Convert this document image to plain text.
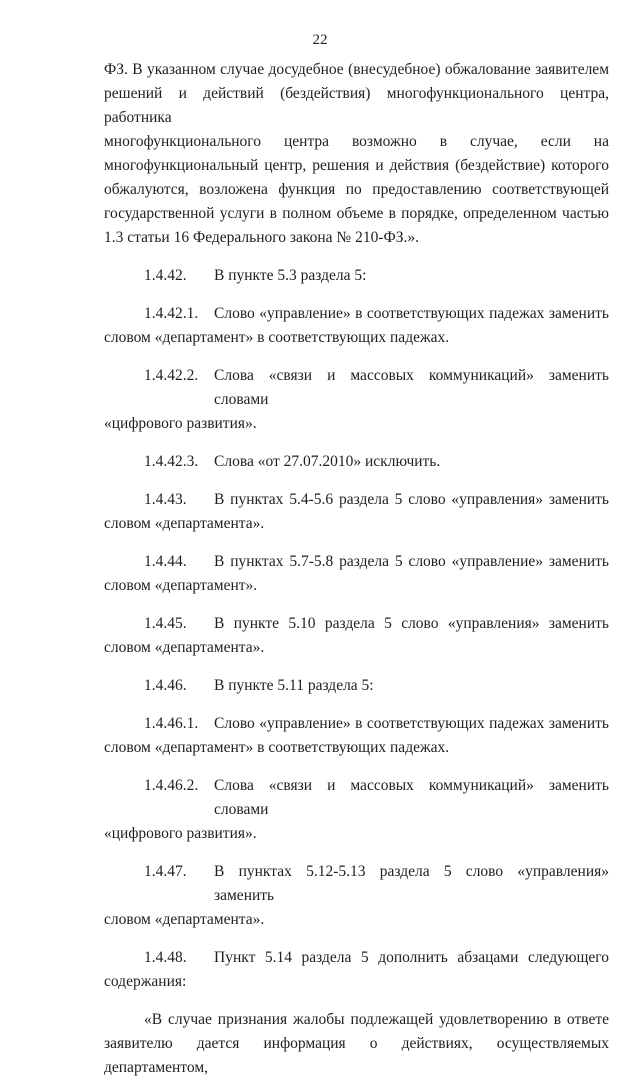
22
ФЗ. В указанном случае досудебное (внесудебное) обжалование заявителем
решений и действий (бездействия) многофункционального центра, работника
многофункционального центра возможно в случае, если на
многофункциональный центр, решения и действия (бездействие) которого
обжалуются, возложена функция по предоставлению соответствующей
государственной услуги в полном объеме в порядке, определенном частью
1.3 статьи 16 Федерального закона № 210-ФЗ.».
1.4.42.	В пункте 5.3 раздела 5:
1.4.42.1.	Слово «управление» в соответствующих падежах заменить
словом «департамент» в соответствующих падежах.
1.4.42.2.	Слова «связи и массовых коммуникаций» заменить словами
«цифрового развития».
1.4.42.3.	Слова «от 27.07.2010» исключить.
1.4.43.	В пунктах 5.4-5.6 раздела 5 слово «управления» заменить
словом «департамента».
1.4.44.	В пунктах 5.7-5.8 раздела 5 слово «управление» заменить
словом «департамент».
1.4.45.	В пункте 5.10 раздела 5 слово «управления» заменить
словом «департамента».
1.4.46.	В пункте 5.11 раздела 5:
1.4.46.1.	Слово «управление» в соответствующих падежах заменить
словом «департамент» в соответствующих падежах.
1.4.46.2.	Слова «связи и массовых коммуникаций» заменить словами
«цифрового развития».
1.4.47.	В пунктах 5.12-5.13 раздела 5 слово «управления» заменить
словом «департамента».
1.4.48.	Пункт 5.14 раздела 5 дополнить абзацами следующего
содержания:
«В случае признания жалобы подлежащей удовлетворению в ответе
заявителю дается информация о действиях, осуществляемых департаментом,
